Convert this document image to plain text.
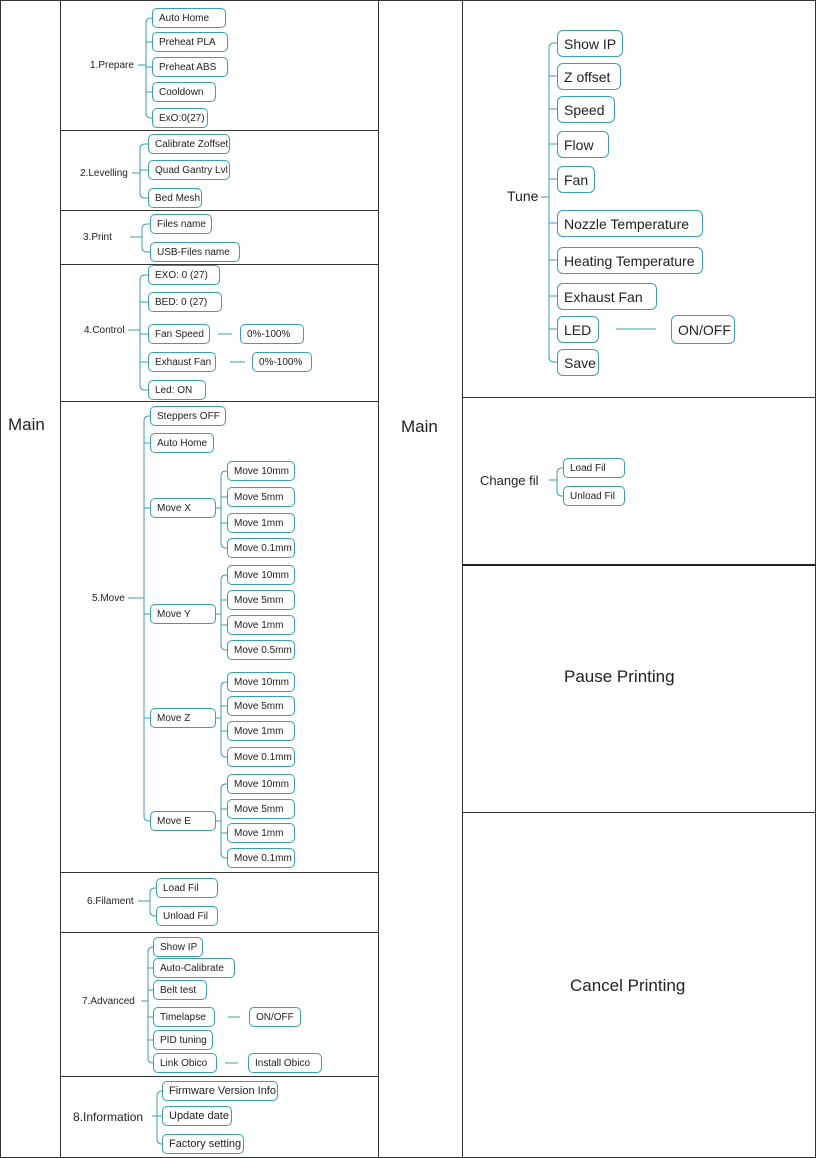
Main	Main
1.Prepare
Auto Home
Preheat PLA
Preheat ABS
Cooldown
ExO:0(27)
2.Levelling
Calibrate Zoffset
Quad Gantry Lvl
Bed Mesh
3.Print
Files name
USB-Files name
4.Control
EXO: 0 (27)
BED: 0 (27)
Fan Speed
Exhaust Fan
Led: ON
0%-100%
0%-100%
5.Move
Steppers OFF
Auto Home
Move X
Move 10mm
Move 5mm
Move 1mm
Move 0.1mm
Move Y
Move 10mm
Move 5mm
Move 1mm
Move 0.5mm
Move Z
Move 10mm
Move 5mm
Move 1mm
Move 0.1mm
Move E
Move 10mm
Move 5mm
Move 1mm
Move 0.1mm
6.Filament
Load Fil
Unload Fil
7.Advanced
Show IP
Auto-Calibrate
Belt test
Timelapse
PID tuning
Link Obico
ON/OFF
Install Obico
8.Information
Firmware Version Info
Update date
Factory setting
Tune
Show IP
Z offset
Speed
Flow
Fan
Nozzle Temperature
Heating Temperature
Exhaust Fan
LED
Save
ON/OFF
Change fil
Load Fil
Unload Fil
Pause Printing
Cancel Printing
